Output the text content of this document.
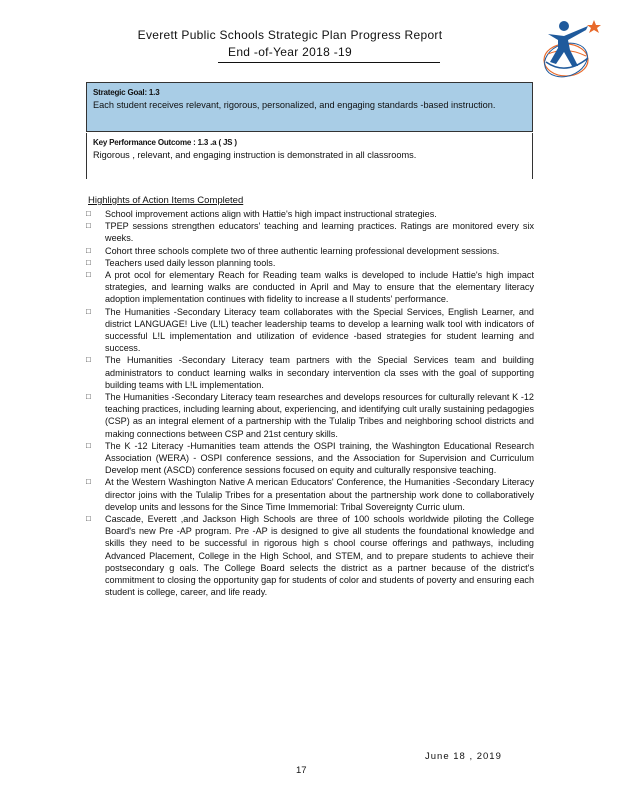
Everett Public Schools Strategic Plan Progress Report
End -of-Year 2018 -19
Strategic Goal: 1.3
Each student receives relevant, rigorous, personalized, and engaging standards -based instruction.
Key Performance Outcome : 1.3 .a ( JS )
Rigorous , relevant, and engaging instruction is demonstrated in all classrooms.
Highlights of Action Items Completed
□ School improvement actions align with Hattie's high impact instructional strategies.
□ TPEP sessions strengthen educators' teaching and learning practices. Ratings are monitored every six weeks.
□ Cohort three schools complete two of three authentic learning professional development sessions.
□ Teachers used daily lesson planning tools.
□ A prot ocol for elementary Reach for Reading team walks is developed to include Hattie's high impact strategies, and learning walks are conducted in April and May to ensure that the elementary literacy adoption implementation continues with fidelity to increase a ll students' performance.
□ The Humanities -Secondary Literacy team collaborates with the Special Services, English Learner, and district LANGUAGE! Live (L!L) teacher leadership teams to develop a learning walk tool with indicators of successful L!L implementation and utilization of evidence -based strategies for student learning and success.
□ The Humanities -Secondary Literacy team partners with the Special Services team and building administrators to conduct learning walks in secondary intervention cla sses with the goal of supporting building teams with L!L implementation.
□ The Humanities -Secondary Literacy team researches and develops resources for culturally relevant K -12 teaching practices, including learning about, experiencing, and identifying cult urally sustaining pedagogies (CSP) as an integral element of a partnership with the Tulalip Tribes and neighboring school districts and making connections between CSP and 21st century skills.
□ The K -12 Literacy -Humanities team attends the OSPI training, the Washington Educational Research Association (WERA) - OSPI conference sessions, and the Association for Supervision and Curriculum Develop ment (ASCD) conference sessions focused on equity and culturally responsive teaching.
□ At the Western Washington Native A merican Educators' Conference, the Humanities -Secondary Literacy director joins with the Tulalip Tribes for a presentation about the partnership work done to collaboratively develop units and lessons for the Since Time Immemorial: Tribal Sovereignty Curric ulum.
□ Cascade, Everett ,and Jackson High Schools are three of 100 schools worldwide piloting the College Board's new Pre -AP program. Pre -AP is designed to give all students the foundational knowledge and skills they need to be successful in rigorous high s chool course offerings and pathways, including Advanced Placement, College in the High School, and STEM, and to prepare students to achieve their postsecondary g oals. The College Board selects the district as a partner because of the district's commitment to closing the opportunity gap for students of color and students of poverty and ensuring each student is college, career, and life ready.
June 18 , 2019
17
